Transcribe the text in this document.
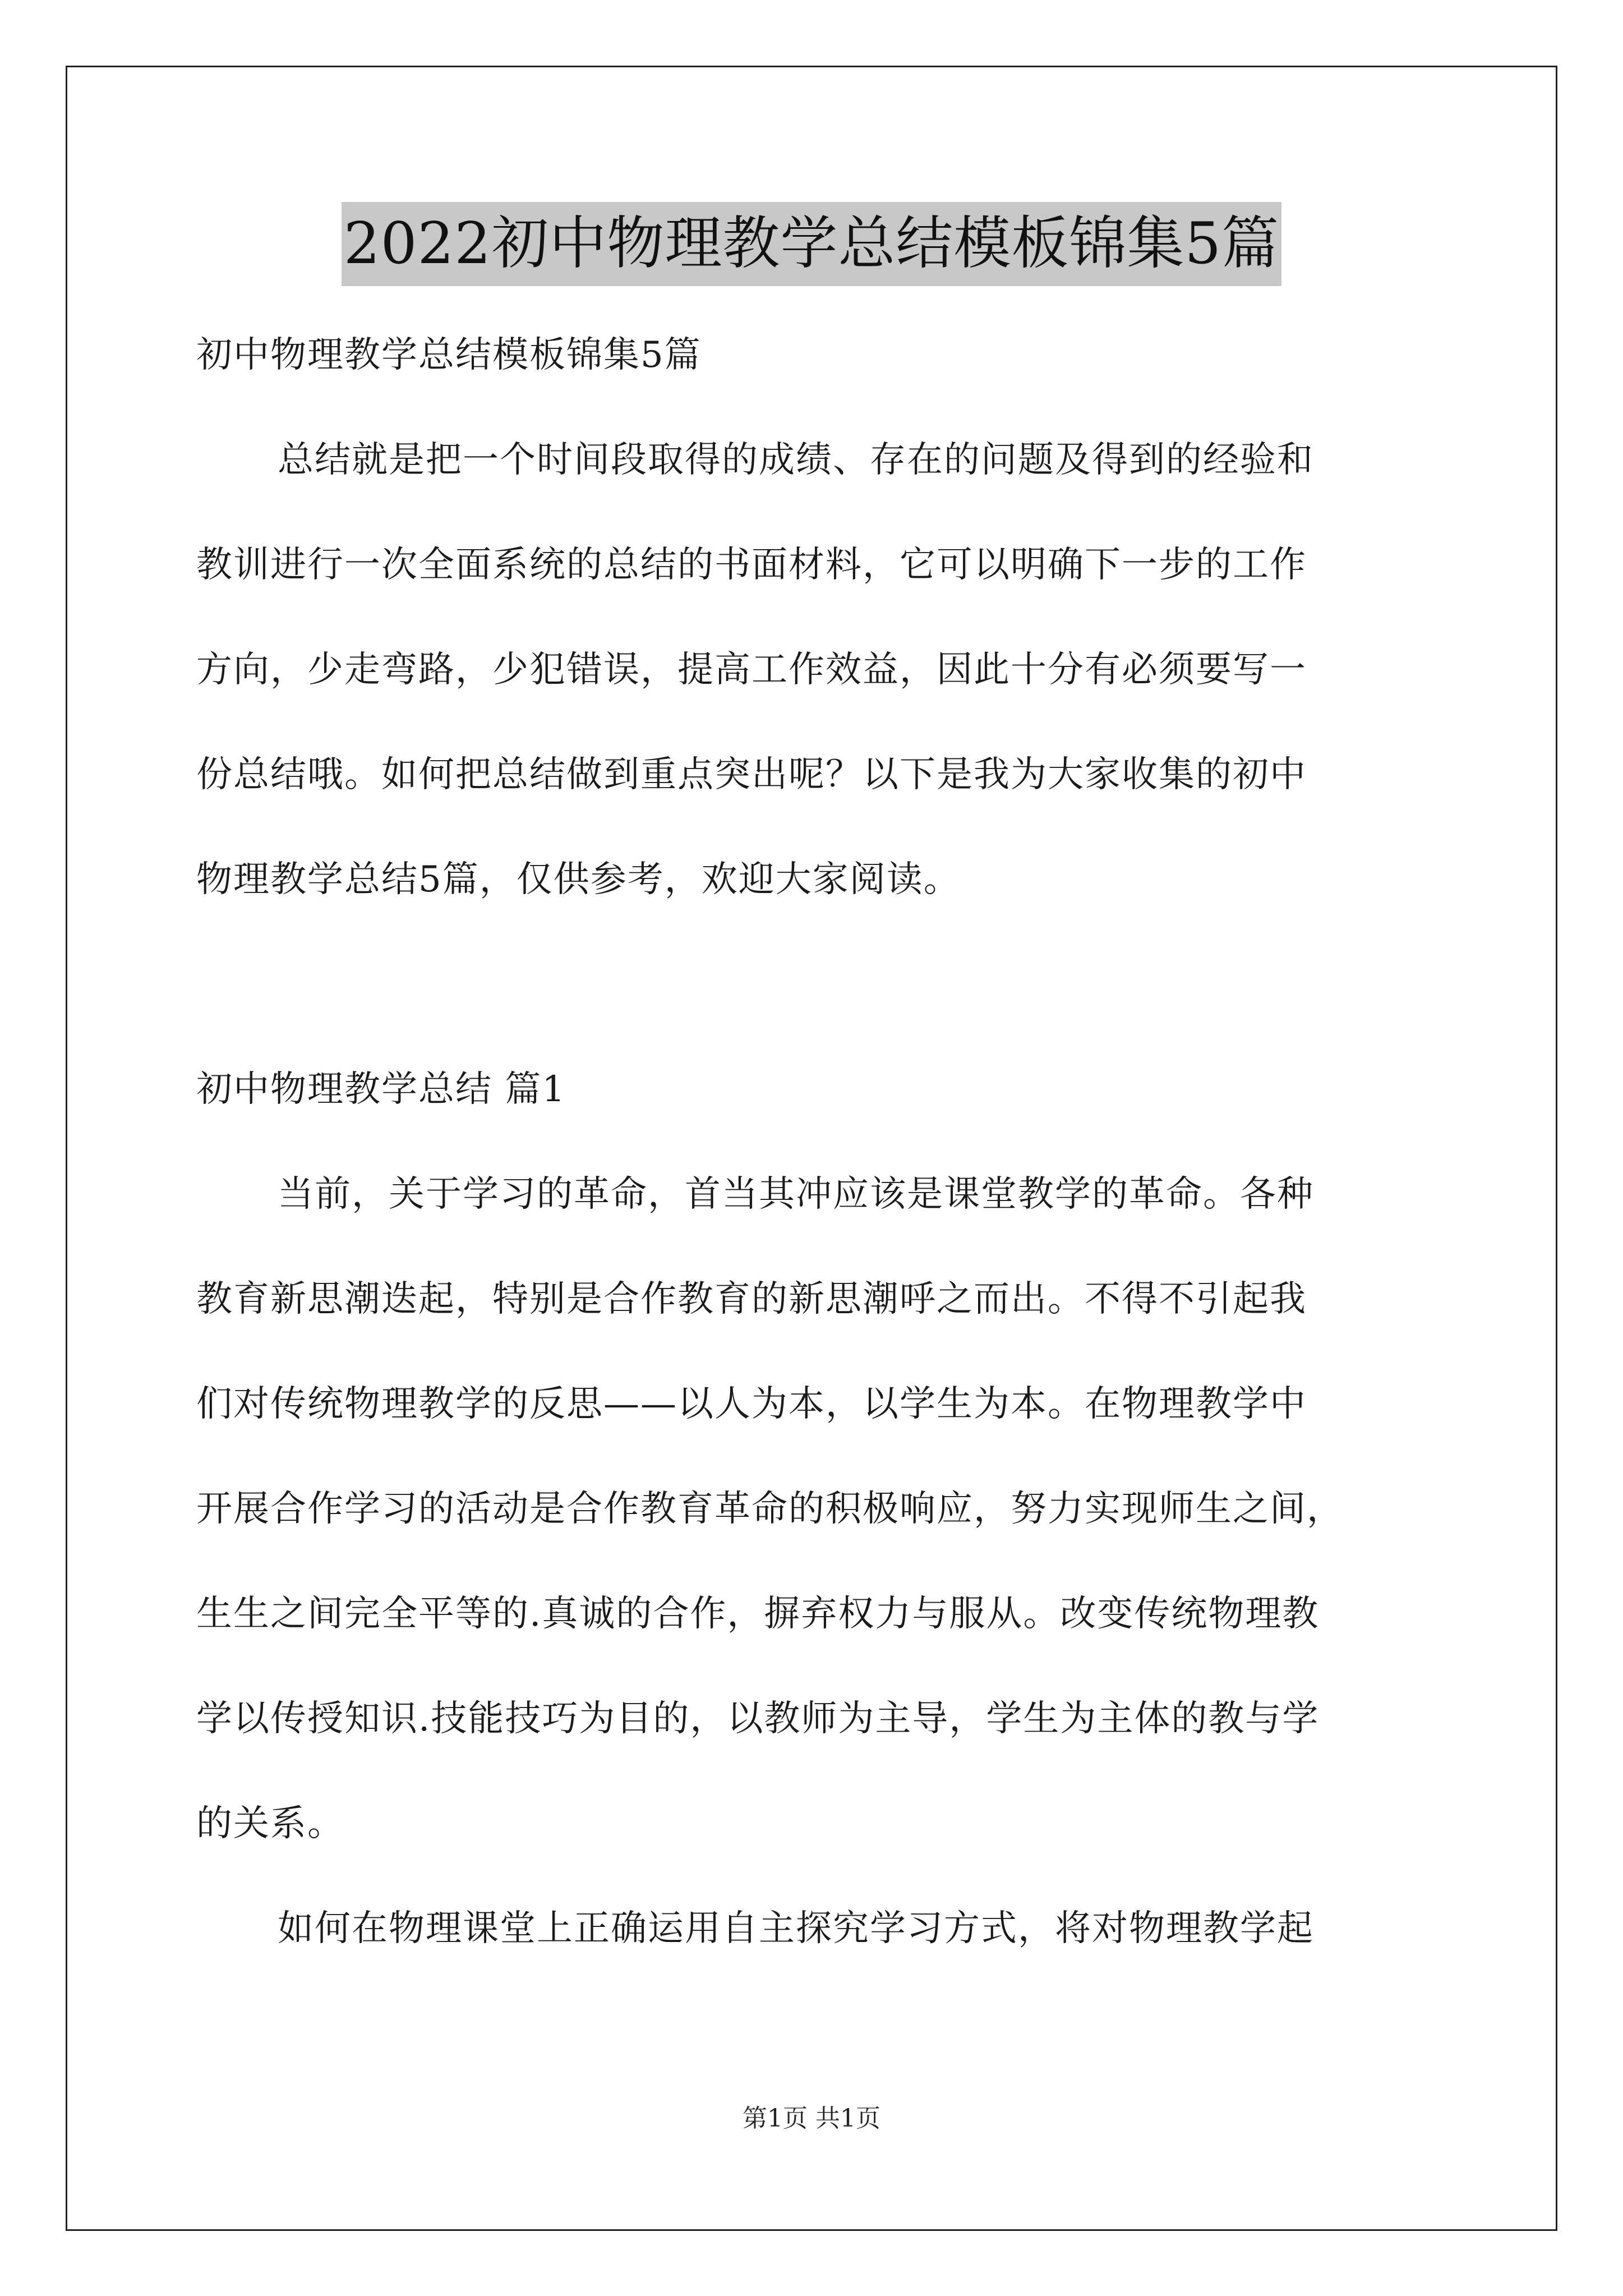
2022初中物理教学总结模板锦集5篇
初中物理教学总结模板锦集5篇
总结就是把一个时间段取得的成绩、存在的问题及得到的经验和
教训进行一次全面系统的总结的书面材料，它可以明确下一步的工作
方向，少走弯路，少犯错误，提高工作效益，因此十分有必须要写一
份总结哦。如何把总结做到重点突出呢？以下是我为大家收集的初中
物理教学总结5篇，仅供参考，欢迎大家阅读。
初中物理教学总结 篇1
当前，关于学习的革命，首当其冲应该是课堂教学的革命。各种
教育新思潮迭起，特别是合作教育的新思潮呼之而出。不得不引起我
们对传统物理教学的反思——以人为本，以学生为本。在物理教学中
开展合作学习的活动是合作教育革命的积极响应，努力实现师生之间，
生生之间完全平等的.真诚的合作，摒弃权力与服从。改变传统物理教
学以传授知识.技能技巧为目的，以教师为主导，学生为主体的教与学
的关系。
如何在物理课堂上正确运用自主探究学习方式，将对物理教学起
第1页 共1页
